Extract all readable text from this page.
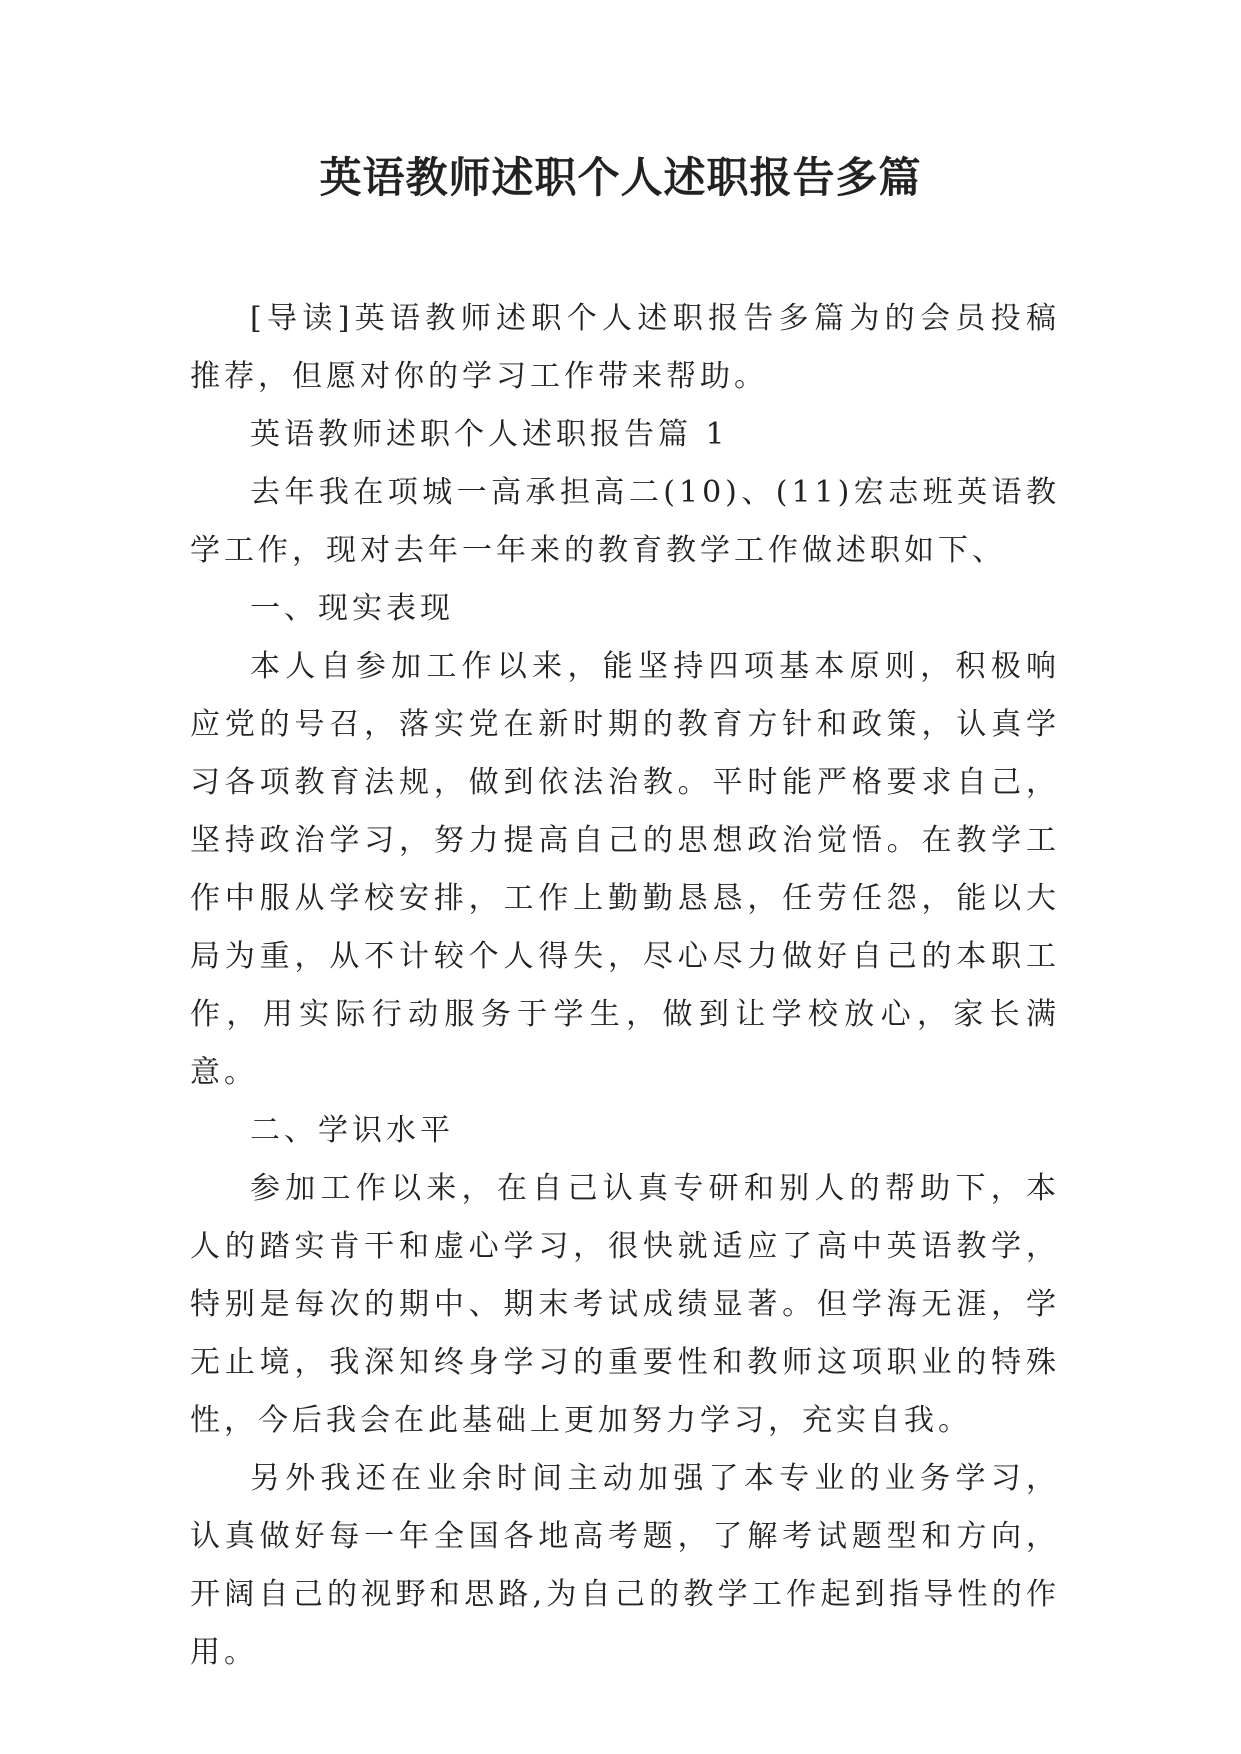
英语教师述职个人述职报告多篇

[导读]英语教师述职个人述职报告多篇为的会员投稿推荐，但愿对你的学习工作带来帮助。

英语教师述职个人述职报告篇 1

去年我在项城一高承担高二(10)、(11)宏志班英语教学工作，现对去年一年来的教育教学工作做述职如下、

一、现实表现

本人自参加工作以来，能坚持四项基本原则，积极响应党的号召，落实党在新时期的教育方针和政策，认真学习各项教育法规，做到依法治教。平时能严格要求自己，坚持政治学习，努力提高自己的思想政治觉悟。在教学工作中服从学校安排，工作上勤勤恳恳，任劳任怨，能以大局为重，从不计较个人得失，尽心尽力做好自己的本职工作，用实际行动服务于学生，做到让学校放心，家长满意。

二、学识水平

参加工作以来，在自己认真专研和别人的帮助下，本人的踏实肯干和虚心学习，很快就适应了高中英语教学，特别是每次的期中、期末考试成绩显著。但学海无涯，学无止境，我深知终身学习的重要性和教师这项职业的特殊性，今后我会在此基础上更加努力学习，充实自我。

另外我还在业余时间主动加强了本专业的业务学习，认真做好每一年全国各地高考题，了解考试题型和方向，开阔自己的视野和思路,为自己的教学工作起到指导性的作用。
